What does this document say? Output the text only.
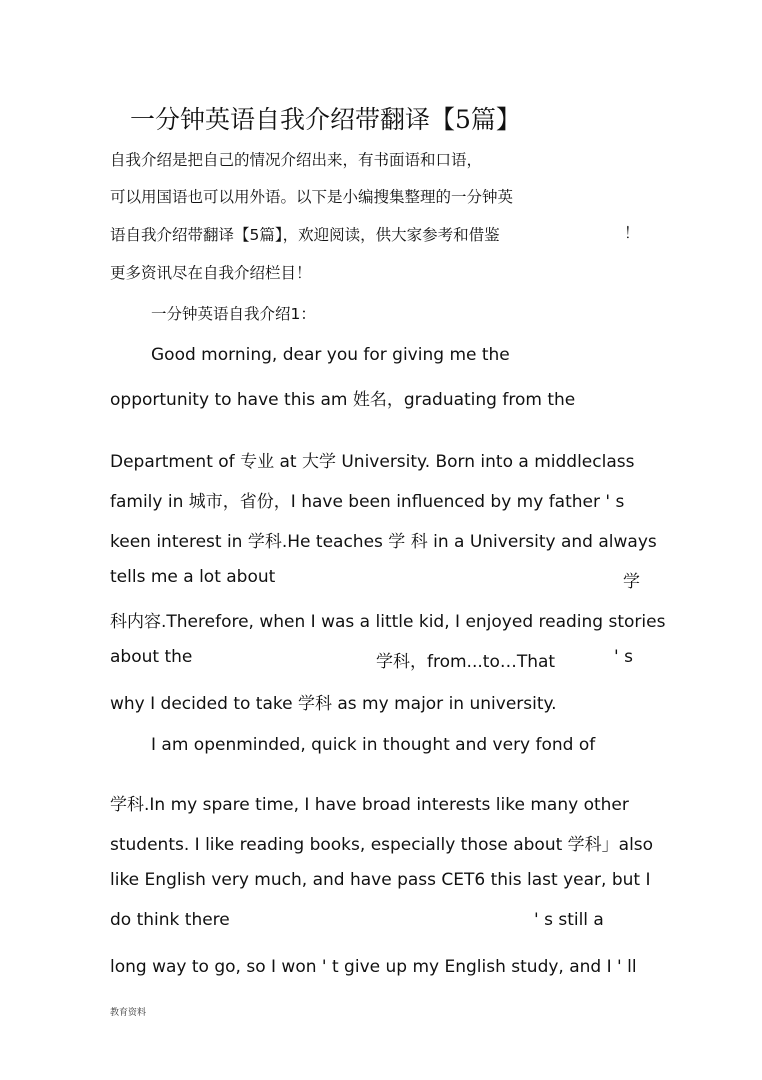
一分钟英语自我介绍带翻译【5篇】
自我介绍是把自己的情况介绍出来，有书面语和口语，
可以用国语也可以用外语。以下是小编搜集整理的一分钟英
语自我介绍带翻译【5篇】，欢迎阅读，供大家参考和借鉴	！
更多资讯尽在自我介绍栏目！
一分钟英语自我介绍1：
Good morning, dear you for giving me the
opportunity to have this am 姓名，graduating from the
Department of 专业 at 大学 University. Born into a middleclass
family in 城市，省份，I have been influenced by my father ' s
keen interest in 学科.He teaches 学 科 in a University and always
tells me a lot about	学
科内容.Therefore, when I was a little kid, I enjoyed reading stories
about the	学科，from...to…That	' s
why I decided to take 学科 as my major in university.
I am openminded, quick in thought and very fond of
学科.In my spare time, I have broad interests like many other
students. I like reading books, especially those about 学科」also
like English very much, and have pass CET6 this last year, but I
do think there	' s still a
long way to go, so I won ' t give up my English study, and I ' ll
教育资料
